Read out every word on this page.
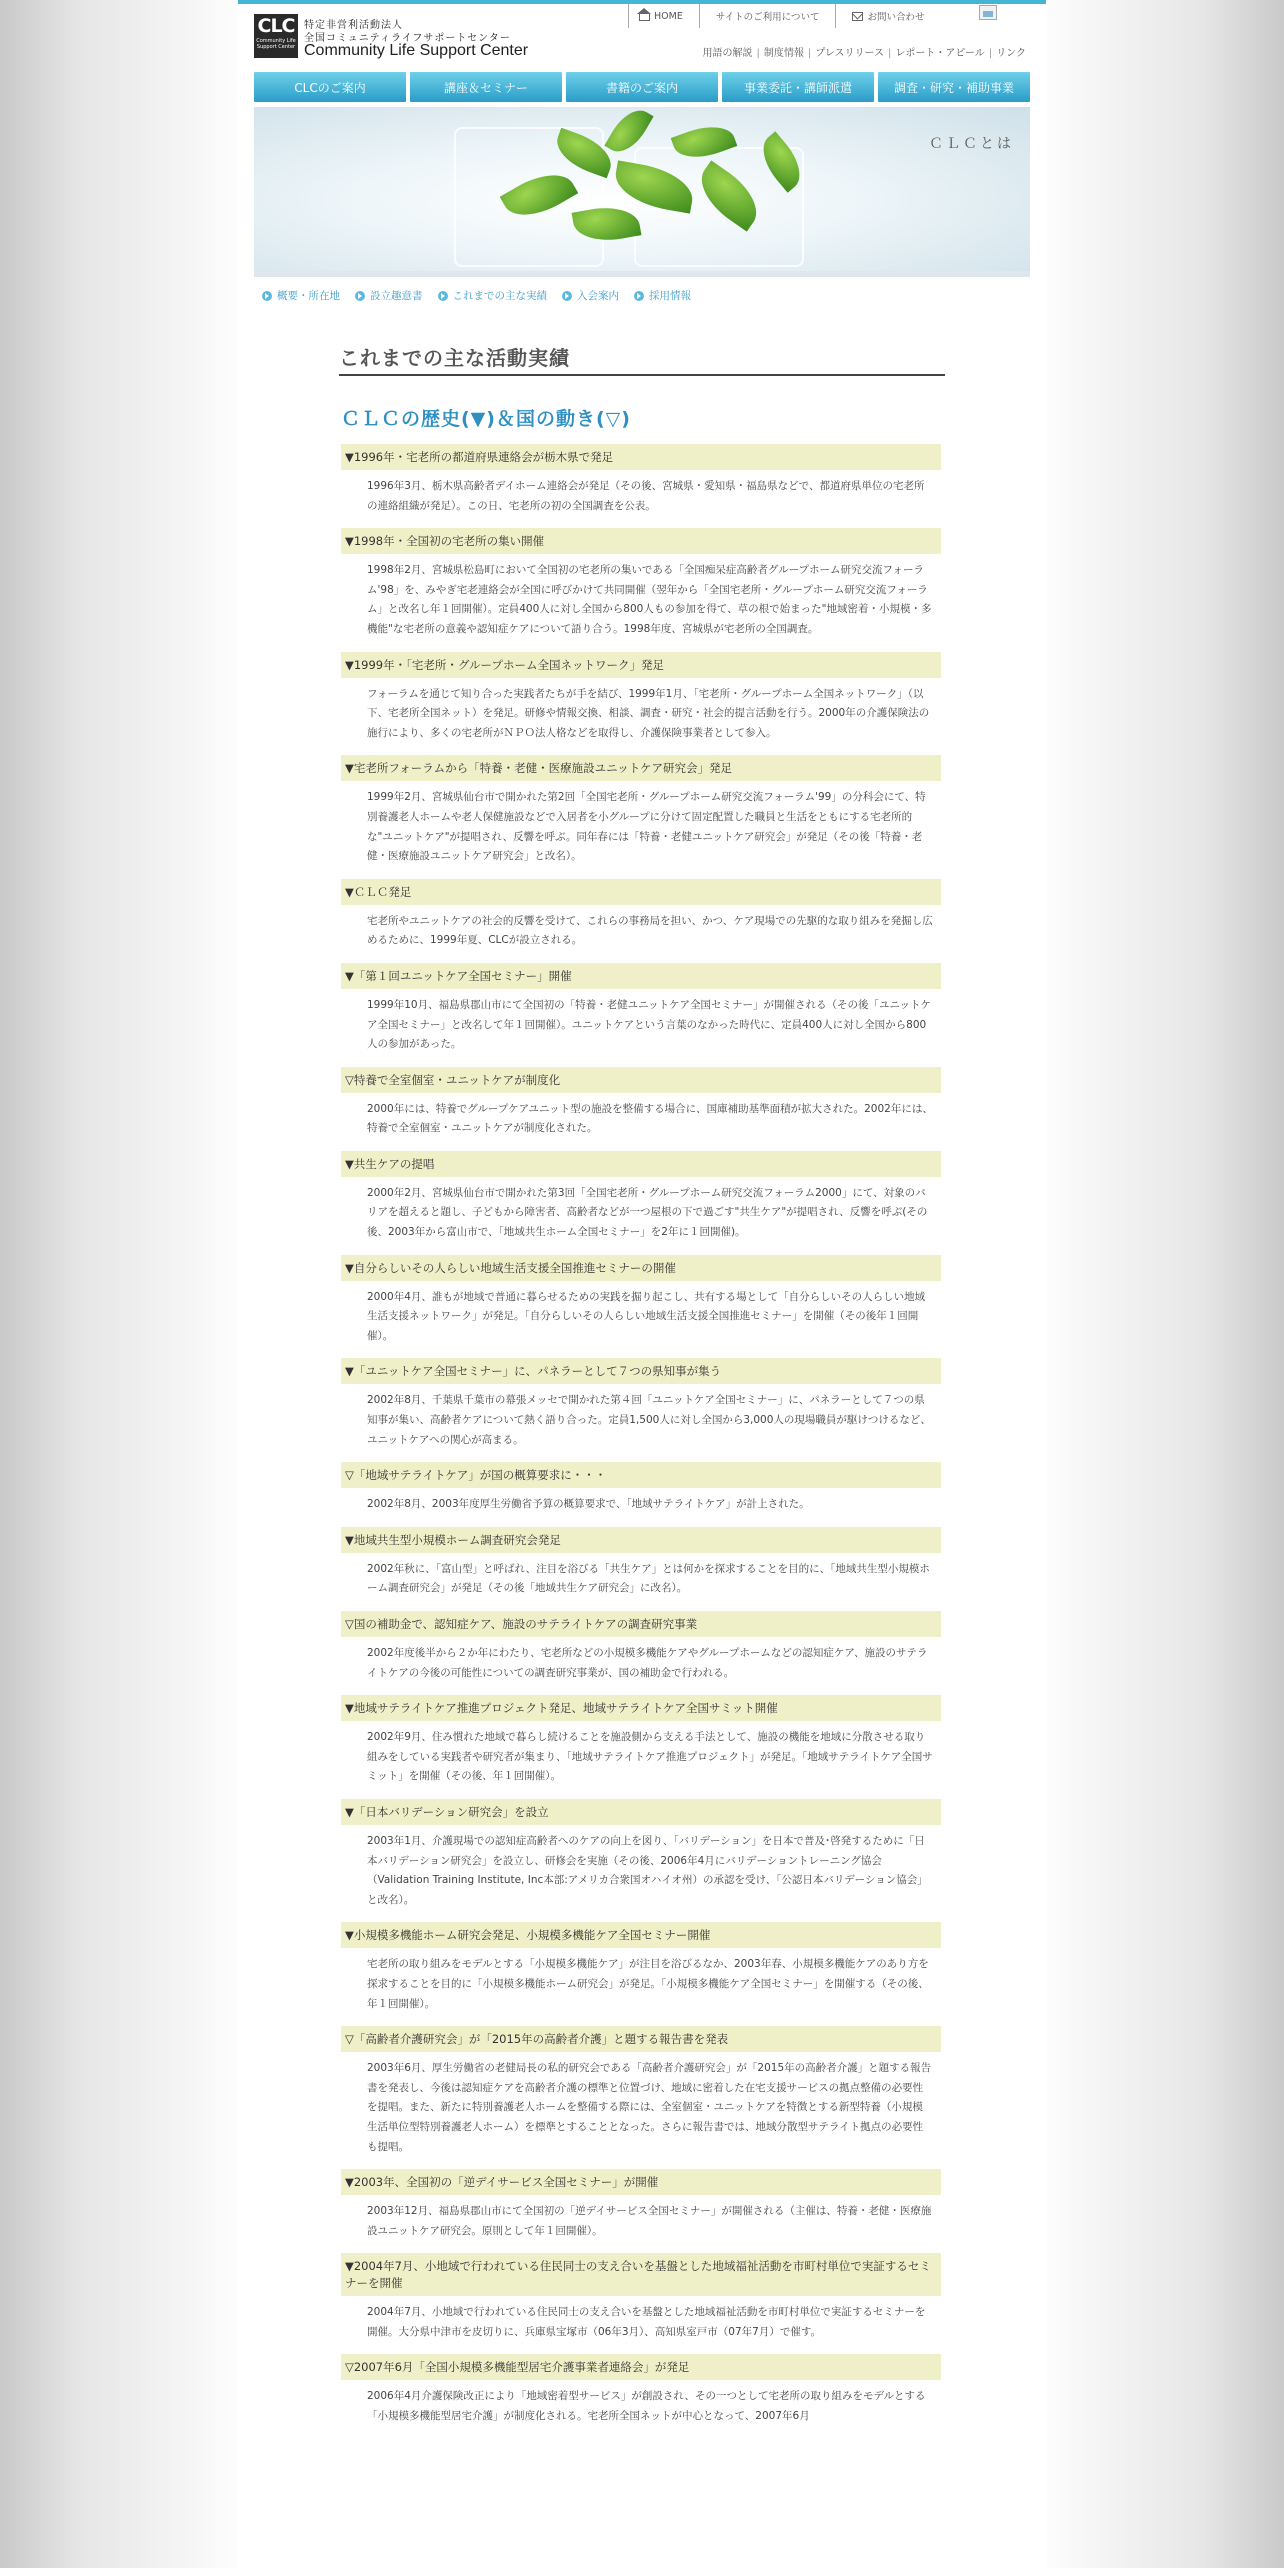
CLC
Community Life Support Center
特定非営利活動法人
全国コミュニティライフサポートセンター
Community Life Support Center
HOME	サイトのご利用について	お問い合わせ
用語の解説 | 制度情報 | プレスリリース | レポート・アピール | リンク
CLCのご案内	講座＆セミナー	書籍のご案内	事業委託・講師派遣	調査・研究・補助事業
ＣＬＣとは
概要・所在地	設立趣意書	これまでの主な実績	入会案内	採用情報
これまでの主な活動実績
ＣＬＣの歴史(▼)＆国の動き(▽)
▼1996年・宅老所の都道府県連絡会が栃木県で発足
1996年3月、栃木県高齢者デイホーム連絡会が発足（その後、宮城県・愛知県・福島県などで、都道府県単位の宅老所の連絡組織が発足）。この日、宅老所の初の全国調査を公表。
▼1998年・全国初の宅老所の集い開催
1998年2月、宮城県松島町において全国初の宅老所の集いである「全国痴呆症高齢者グループホーム研究交流フォーラム'98」を、みやぎ宅老連絡会が全国に呼びかけて共同開催（翌年から「全国宅老所・グループホーム研究交流フォーラム」と改名し年１回開催）。定員400人に対し全国から800人もの参加を得て、草の根で始まった"地域密着・小規模・多機能"な宅老所の意義や認知症ケアについて語り合う。1998年度、宮城県が宅老所の全国調査。
▼1999年・「宅老所・グループホーム全国ネットワーク」発足
フォーラムを通じて知り合った実践者たちが手を結び、1999年1月、「宅老所・グループホーム全国ネットワーク」（以下、宅老所全国ネット）を発足。研修や情報交換、相談、調査・研究・社会的提言活動を行う。2000年の介護保険法の施行により、多くの宅老所がＮＰＯ法人格などを取得し、介護保険事業者として参入。
▼宅老所フォーラムから「特養・老健・医療施設ユニットケア研究会」発足
1999年2月、宮城県仙台市で開かれた第2回「全国宅老所・グループホーム研究交流フォーラム'99」の分科会にて、特別養護老人ホームや老人保健施設などで入居者を小グループに分けて固定配置した職員と生活をともにする宅老所的な"ユニットケア"が提唱され、反響を呼ぶ。同年春には「特養・老健ユニットケア研究会」が発足（その後「特養・老健・医療施設ユニットケア研究会」と改名）。
▼ＣＬＣ発足
宅老所やユニットケアの社会的反響を受けて、これらの事務局を担い、かつ、ケア現場での先駆的な取り組みを発掘し広めるために、1999年夏、CLCが設立される。
▼「第１回ユニットケア全国セミナー」開催
1999年10月、福島県郡山市にて全国初の「特養・老健ユニットケア全国セミナー」が開催される（その後「ユニットケア全国セミナー」と改名して年１回開催）。ユニットケアという言葉のなかった時代に、定員400人に対し全国から800人の参加があった。
▽特養で全室個室・ユニットケアが制度化
2000年には、特養でグループケアユニット型の施設を整備する場合に、国庫補助基準面積が拡大された。2002年には、特養で全室個室・ユニットケアが制度化された。
▼共生ケアの提唱
2000年2月、宮城県仙台市で開かれた第3回「全国宅老所・グループホーム研究交流フォーラム2000」にて、対象のバリアを超えると題し、子どもから障害者、高齢者などが一つ屋根の下で過ごす"共生ケア"が提唱され、反響を呼ぶ(その後、2003年から富山市で、「地域共生ホーム全国セミナー」を2年に１回開催)。
▼自分らしいその人らしい地域生活支援全国推進セミナーの開催
2000年4月、誰もが地域で普通に暮らせるための実践を掘り起こし、共有する場として「自分らしいその人らしい地域生活支援ネットワーク」が発足。「自分らしいその人らしい地域生活支援全国推進セミナー」を開催（その後年１回開催）。
▼「ユニットケア全国セミナー」に、パネラーとして７つの県知事が集う
2002年8月、千葉県千葉市の幕張メッセで開かれた第４回「ユニットケア全国セミナー」に、パネラーとして７つの県知事が集い、高齢者ケアについて熱く語り合った。定員1,500人に対し全国から3,000人の現場職員が駆けつけるなど、ユニットケアへの関心が高まる。
▽「地域サテライトケア」が国の概算要求に・・・
2002年8月、2003年度厚生労働省予算の概算要求で、「地域サテライトケア」が計上された。
▼地域共生型小規模ホーム調査研究会発足
2002年秋に、「富山型」と呼ばれ、注目を浴びる「共生ケア」とは何かを探求することを目的に、「地域共生型小規模ホーム調査研究会」が発足（その後「地域共生ケア研究会」に改名）。
▽国の補助金で、認知症ケア、施設のサテライトケアの調査研究事業
2002年度後半から２か年にわたり、宅老所などの小規模多機能ケアやグループホームなどの認知症ケア、施設のサテライトケアの今後の可能性についての調査研究事業が、国の補助金で行われる。
▼地域サテライトケア推進プロジェクト発足、地域サテライトケア全国サミット開催
2002年9月、住み慣れた地域で暮らし続けることを施設側から支える手法として、施設の機能を地域に分散させる取り組みをしている実践者や研究者が集まり、「地域サテライトケア推進プロジェクト」が発足。「地域サテライトケア全国サミット」を開催（その後、年１回開催）。
▼「日本バリデーション研究会」を設立
2003年1月、介護現場での認知症高齢者へのケアの向上を図り、「バリデーション」を日本で普及･啓発するために「日本バリデーション研究会」を設立し、研修会を実施（その後、2006年4月にバリデーショントレーニング協会（Validation Training Institute, Inc本部:アメリカ合衆国オハイオ州）の承認を受け、「公認日本バリデーション協会」と改名）。
▼小規模多機能ホーム研究会発足、小規模多機能ケア全国セミナー開催
宅老所の取り組みをモデルとする「小規模多機能ケア」が注目を浴びるなか、2003年春、小規模多機能ケアのあり方を探求することを目的に「小規模多機能ホーム研究会」が発足。「小規模多機能ケア全国セミナー」を開催する（その後、年１回開催）。
▽「高齢者介護研究会」が「2015年の高齢者介護」と題する報告書を発表
2003年6月、厚生労働省の老健局長の私的研究会である「高齢者介護研究会」が「2015年の高齢者介護」と題する報告書を発表し、今後は認知症ケアを高齢者介護の標準と位置づけ、地域に密着した在宅支援サービスの拠点整備の必要性を提唱。また、新たに特別養護老人ホームを整備する際には、全室個室・ユニットケアを特徴とする新型特養（小規模生活単位型特別養護老人ホーム）を標準とすることとなった。さらに報告書では、地域分散型サテライト拠点の必要性も提唱。
▼2003年、全国初の「逆デイサービス全国セミナー」が開催
2003年12月、福島県郡山市にて全国初の「逆デイサービス全国セミナー」が開催される（主催は、特養・老健・医療施設ユニットケア研究会。原則として年１回開催）。
▼2004年7月、小地域で行われている住民同士の支え合いを基盤とした地域福祉活動を市町村単位で実証するセミナーを開催
2004年7月、小地域で行われている住民同士の支え合いを基盤とした地域福祉活動を市町村単位で実証するセミナーを開催。大分県中津市を皮切りに、兵庫県宝塚市（06年3月）、高知県室戸市（07年7月）で催す。
▽2007年6月「全国小規模多機能型居宅介護事業者連絡会」が発足
2006年4月介護保険改正により「地域密着型サービス」が創設され、その一つとして宅老所の取り組みをモデルとする「小規模多機能型居宅介護」が制度化される。宅老所全国ネットが中心となって、2007年6月
